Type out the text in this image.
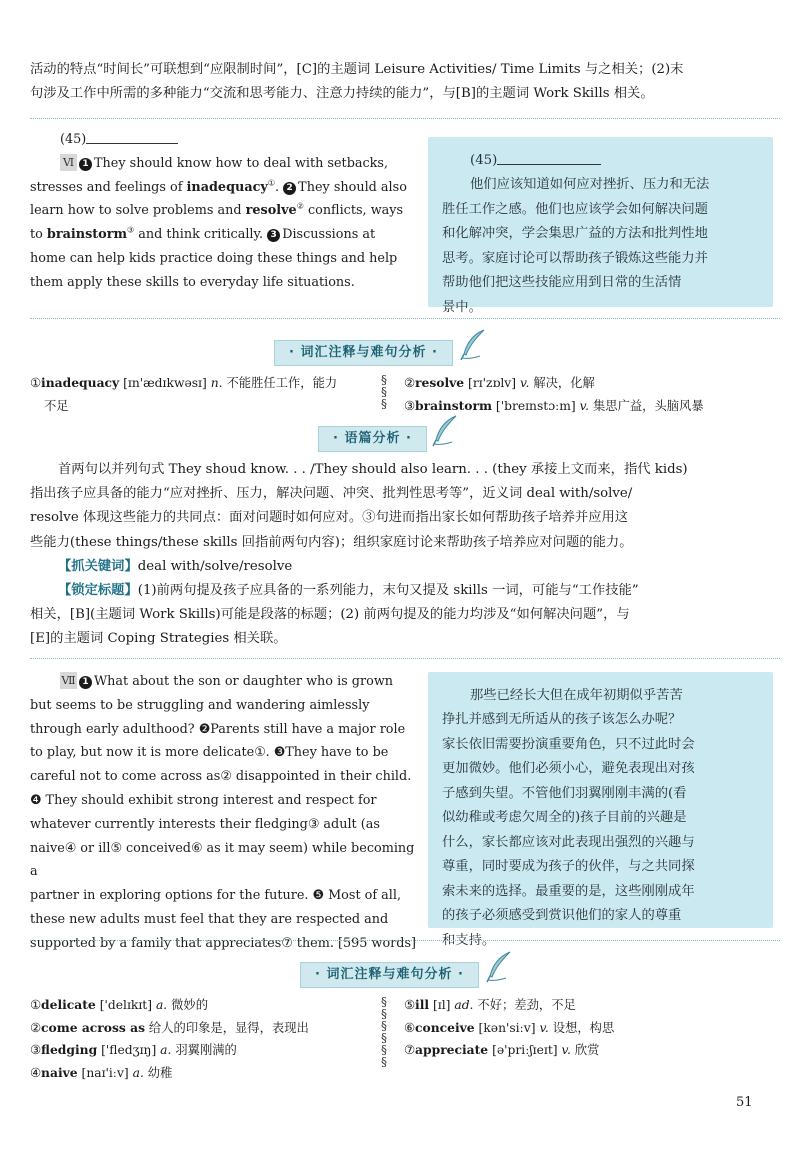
活动的特点“时间长”可联想到“应限制时间”，[C]的主题词 Leisure Activities/ Time Limits 与之相关；(2)末
句涉及工作中所需的多种能力“交流和思考能力、注意力持续的能力”，与[B]的主题词 Work Skills 相关。
(45)
Ⅵ 1 They should know how to deal with setbacks,
stresses and feelings of inadequacy①. 2 They should also
learn how to solve problems and resolve② conflicts, ways
to brainstorm③ and think critically. 3 Discussions at
home can help kids practice doing these things and help
them apply these skills to everyday life situations.
(45)
他们应该知道如何应对挫折、压力和无法
胜任工作之感。他们也应该学会如何解决问题
和化解冲突，学会集思广益的方法和批判性地
思考。家庭讨论可以帮助孩子锻炼这些能力并
帮助他们把这些技能应用到日常的生活情
景中。
· 词汇注释与难句分析 ·
①inadequacy [ɪn'ædɪkwəsɪ] n. 不能胜任工作，能力
不足
§
§
§
②resolve [rɪ'zɒlv] v. 解决，化解
③brainstorm ['breɪnstɔːm] v. 集思广益，头脑风暴
· 语篇分析 ·
首两句以并列句式 They shoud know. . . /They should also learn. . . (they 承接上文而来，指代 kids)
指出孩子应具备的能力“应对挫折、压力，解决问题、冲突、批判性思考等”，近义词 deal with/solve/
resolve 体现这些能力的共同点：面对问题时如何应对。③句进而指出家长如何帮助孩子培养并应用这
些能力(these things/these skills 回指前两句内容)；组织家庭讨论来帮助孩子培养应对问题的能力。
【抓关键词】deal with/solve/resolve
【锁定标题】(1)前两句提及孩子应具备的一系列能力，末句又提及 skills 一词，可能与“工作技能”
相关，[B](主题词 Work Skills)可能是段落的标题；(2) 前两句提及的能力均涉及“如何解决问题”，与
[E]的主题词 Coping Strategies 相关联。
Ⅶ 1 What about the son or daughter who is grown
but seems to be struggling and wandering aimlessly
through early adulthood? ❷Parents still have a major role
to play, but now it is more delicate①. ❸They have to be
careful not to come across as② disappointed in their child.
❹ They should exhibit strong interest and respect for
whatever currently interests their fledging③ adult (as
naive④ or ill⑤ conceived⑥ as it may seem) while becoming a
partner in exploring options for the future. ❺ Most of all,
these new adults must feel that they are respected and
supported by a family that appreciates⑦ them. [595 words]
那些已经长大但在成年初期似乎苦苦
挣扎并感到无所适从的孩子该怎么办呢？
家长依旧需要扮演重要角色，只不过此时会
更加微妙。他们必须小心，避免表现出对孩
子感到失望。不管他们羽翼刚刚丰满的(看
似幼稚或考虑欠周全的)孩子目前的兴趣是
什么，家长都应该对此表现出强烈的兴趣与
尊重，同时要成为孩子的伙伴，与之共同探
索未来的选择。最重要的是，这些刚刚成年
的孩子必须感受到赏识他们的家人的尊重
和支持。
· 词汇注释与难句分析 ·
①delicate ['delɪkɪt] a. 微妙的
②come across as 给人的印象是，显得，表现出
③fledging ['fledʒɪŋ] a. 羽翼刚满的
④naive [naɪ'iːv] a. 幼稚
§
§
§
§
§
§
⑤ill [ɪl] ad. 不好；差劲，不足
⑥conceive [kən'siːv] v. 设想，构思
⑦appreciate [ə'priːʃɪeɪt] v. 欣赏
51
